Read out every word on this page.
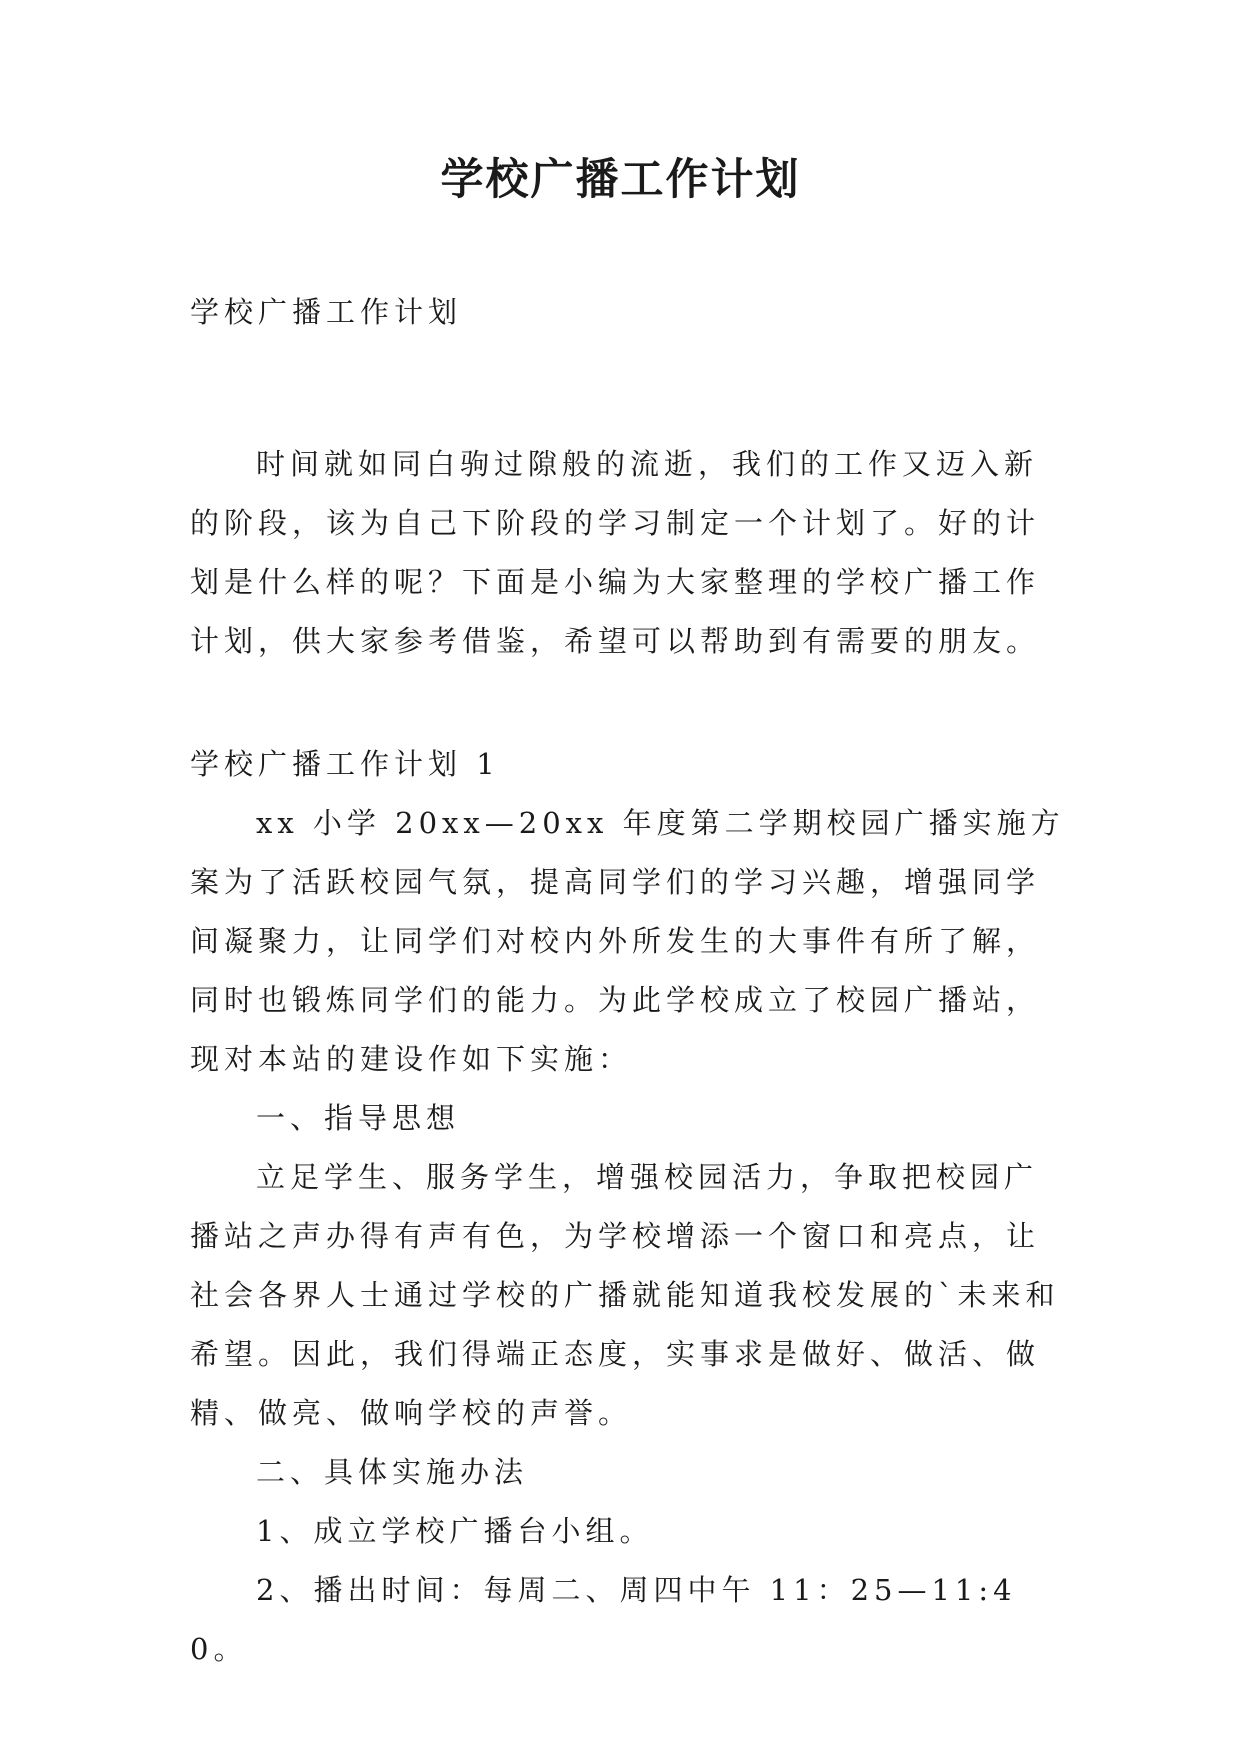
学校广播工作计划

学校广播工作计划

时间就如同白驹过隙般的流逝，我们的工作又迈入新的阶段，该为自己下阶段的学习制定一个计划了。好的计划是什么样的呢？下面是小编为大家整理的学校广播工作计划，供大家参考借鉴，希望可以帮助到有需要的朋友。

学校广播工作计划 1

xx 小学 20xx—20xx 年度第二学期校园广播实施方案为了活跃校园气氛，提高同学们的学习兴趣，增强同学间凝聚力，让同学们对校内外所发生的大事件有所了解，同时也锻炼同学们的能力。为此学校成立了校园广播站，现对本站的建设作如下实施：

一、指导思想

立足学生、服务学生，增强校园活力，争取把校园广播站之声办得有声有色，为学校增添一个窗口和亮点，让社会各界人士通过学校的广播就能知道我校发展的`未来和希望。因此，我们得端正态度，实事求是做好、做活、做精、做亮、做响学校的声誉。

二、具体实施办法

1、成立学校广播台小组。

2、播出时间：每周二、周四中午 11：25—11:40。
